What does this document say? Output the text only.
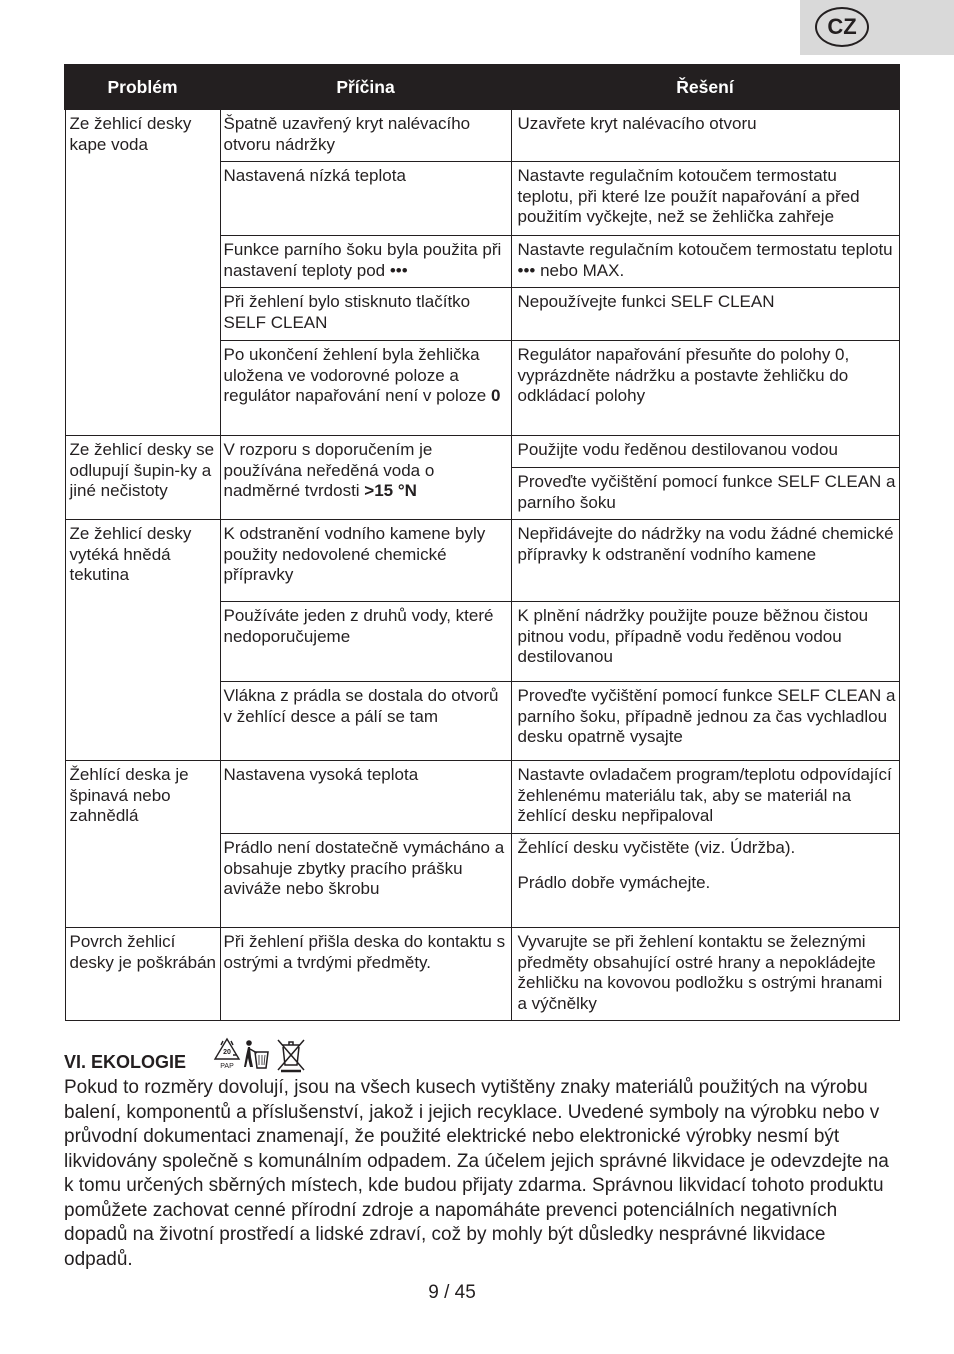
CZ
Problém	Příčina	Řešení
Ze žehlicí desky kape voda	Špatně uzavřený kryt nalévacího otvoru nádržky	Uzavřete kryt nalévacího otvoru
	Nastavená nízká teplota	Nastavte regulačním kotoučem termostatu teplotu, při které lze použít napařování a před použitím vyčkejte, než se žehlička zahřeje
	Funkce parního šoku byla použita při nastavení teploty pod •••	Nastavte regulačním kotoučem termostatu teplotu ••• nebo MAX.
	Při žehlení bylo stisknuto tlačítko SELF CLEAN	Nepoužívejte funkci SELF CLEAN
	Po ukončení žehlení byla žehlička uložena ve vodorovné poloze a regulátor napařování není v poloze 0	Regulátor napařování přesuňte do polohy 0, vyprázdněte nádržku a postavte žehličku do odkládací polohy
Ze žehlicí desky se odlupují šupin-ky a jiné nečistoty	V rozporu s doporučením je používána neředěná voda o nadměrné tvrdosti >15 °N	Použijte vodu ředěnou destilovanou vodou
		Proveďte vyčištění pomocí funkce SELF CLEAN a parního šoku
Ze žehlicí desky vytéká hnědá tekutina	K odstranění vodního kamene byly použity nedovolené chemické přípravky	Nepřidávejte do nádržky na vodu žádné chemické přípravky k odstranění vodního kamene
	Používáte jeden z druhů vody, které nedoporučujeme	K plnění nádržky použijte pouze běžnou čistou pitnou vodu, případně vodu ředěnou vodou destilovanou
	Vlákna z prádla se dostala do otvorů v žehlící desce a pálí se tam	Proveďte vyčištění pomocí funkce SELF CLEAN a parního šoku, případně jednou za čas vychladlou desku opatrně vysajte
Žehlící deska je špinavá nebo zahnědlá	Nastavena vysoká teplota	Nastavte ovladačem program/teplotu odpovídající žehlenému materiálu tak, aby se materiál na žehlící desku nepřipaloval
	Prádlo není dostatečně vymácháno a obsahuje zbytky pracího prášku aviváže nebo škrobu	Žehlící desku vyčistěte (viz. Údržba).
Prádlo dobře vymáchejte.
Povrch žehlicí desky je poškrábán	Při žehlení přišla deska do kontaktu s ostrými a tvrdými předměty.	Vyvarujte se při žehlení kontaktu se železnými předměty obsahující ostré hrany a nepokládejte žehličku na kovovou podložku s ostrými hranami a výčnělky
VI. EKOLOGIE	20
PAP
Pokud to rozměry dovolují, jsou na všech kusech vytištěny znaky materiálů použitých na výrobu balení, komponentů a příslušenství, jakož i jejich recyklace. Uvedené symboly na výrobku nebo v průvodní dokumentaci znamenají, že použité elektrické nebo elektronické výrobky nesmí být likvidovány společně s komunálním odpadem. Za účelem jejich správné likvidace je odevzdejte na k tomu určených sběrných místech, kde budou přijaty zdarma. Správnou likvidací tohoto produktu pomůžete zachovat cenné přírodní zdroje a napomáháte prevenci potenciálních negativních dopadů na životní prostředí a lidské zdraví, což by mohly být důsledky nesprávné likvidace odpadů.
9 / 45
